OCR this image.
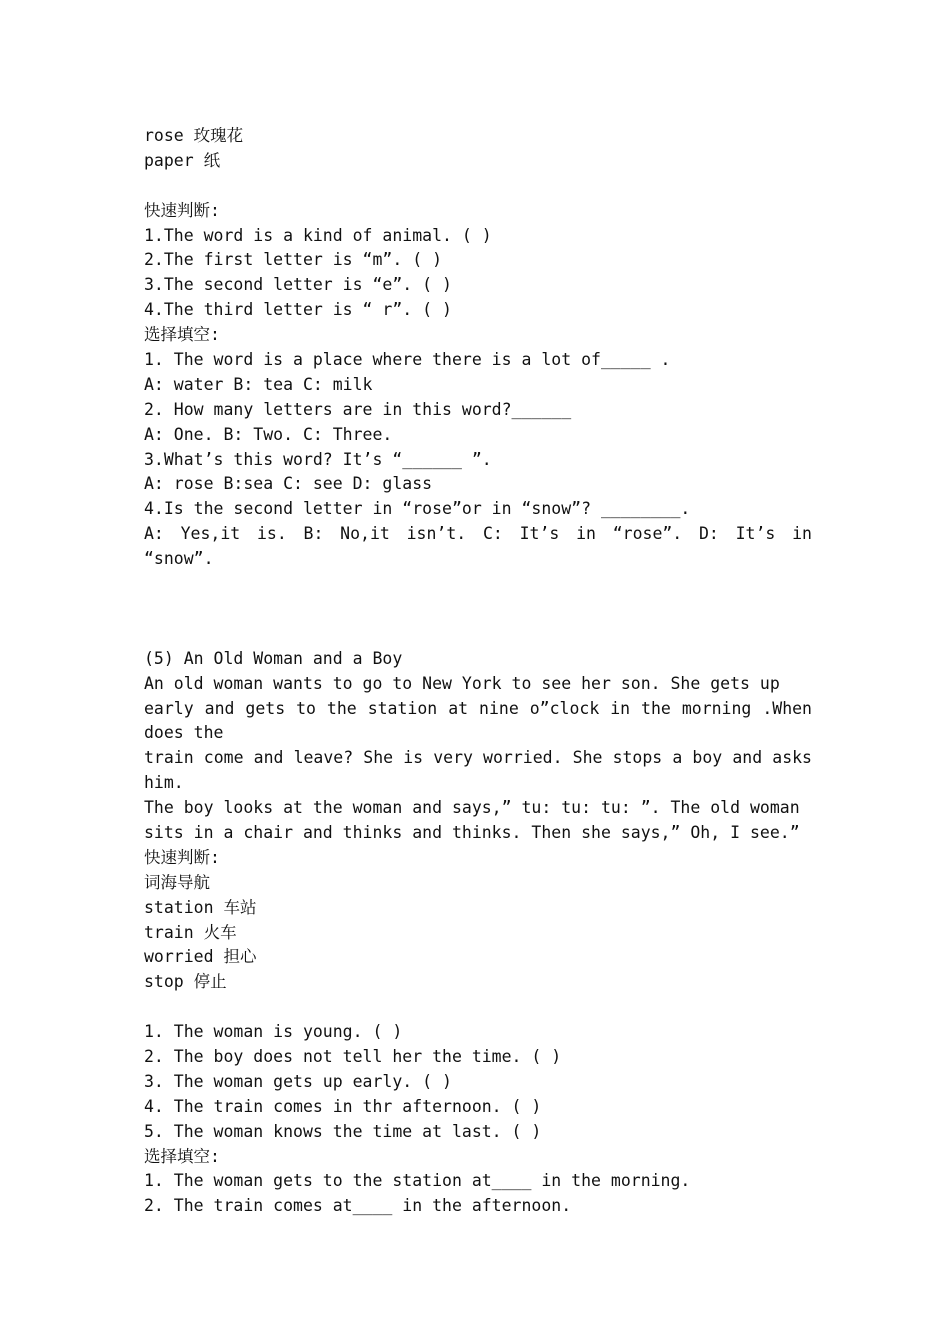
rose 玫瑰花
paper 纸
快速判断:
1.The word is a kind of animal. ( )
2.The first letter is “m”. ( )
3.The second letter is “e”. ( )
4.The third letter is “ r”. ( )
选择填空:
1. The word is a place where there is a lot of_____ .
A: water B: tea C: milk
2. How many letters are in this word?______
A: One. B: Two. C: Three.
3.What’s this word? It’s “______ ”.
A: rose B:sea C: see D: glass
4.Is the second letter in “rose”or in “snow”? ________.
A: Yes,it is. B: No,it isn’t. C: It’s in “rose”. D: It’s in
“snow”.
(5) An Old Woman and a Boy
An old woman wants to go to New York to see her son. She gets up
early and gets to the station at nine o”clock in the morning .When
does the
train come and leave? She is very worried. She stops a boy and asks
him.
The boy looks at the woman and says,” tu: tu: tu: ”. The old woman
sits in a chair and thinks and thinks. Then she says,” Oh, I see.”
快速判断:
词海导航
station 车站
train 火车
worried 担心
stop 停止
1. The woman is young. ( )
2. The boy does not tell her the time. ( )
3. The woman gets up early. ( )
4. The train comes in thr afternoon. ( )
5. The woman knows the time at last. ( )
选择填空:
1. The woman gets to the station at____ in the morning.
2. The train comes at____ in the afternoon.
